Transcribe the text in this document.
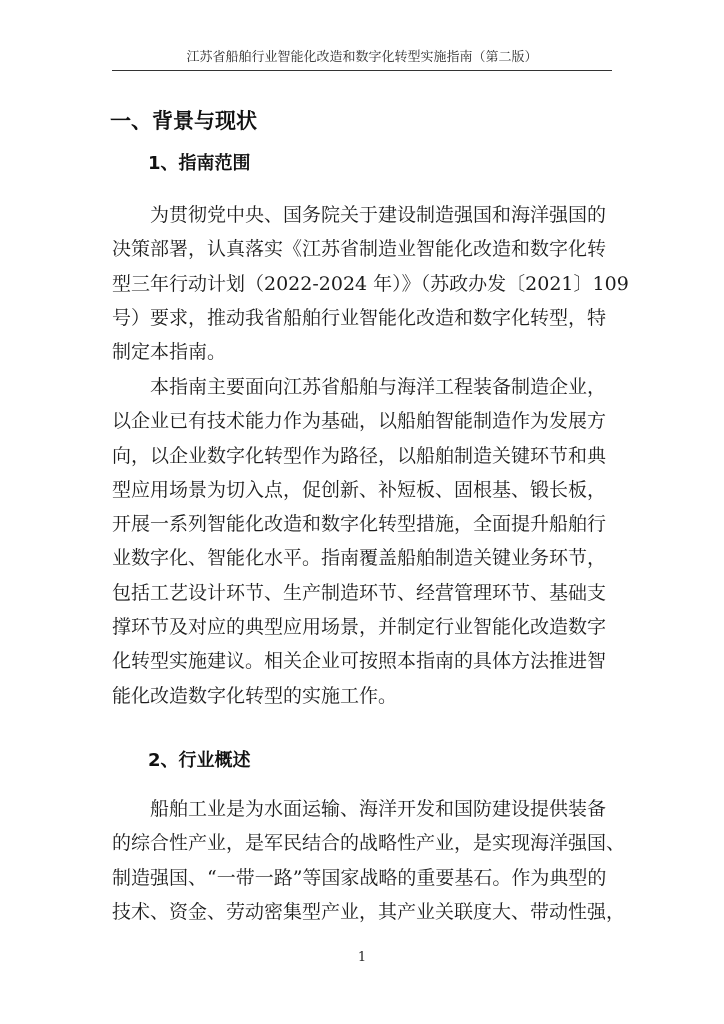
江苏省船舶行业智能化改造和数字化转型实施指南（第二版）
一、背景与现状
1、指南范围
为贯彻党中央、国务院关于建设制造强国和海洋强国的
决策部署，认真落实《江苏省制造业智能化改造和数字化转
型三年行动计划（2022-2024 年）》（苏政办发〔2021〕109
号）要求，推动我省船舶行业智能化改造和数字化转型，特
制定本指南。
本指南主要面向江苏省船舶与海洋工程装备制造企业，
以企业已有技术能力作为基础，以船舶智能制造作为发展方
向，以企业数字化转型作为路径，以船舶制造关键环节和典
型应用场景为切入点，促创新、补短板、固根基、锻长板，
开展一系列智能化改造和数字化转型措施，全面提升船舶行
业数字化、智能化水平。指南覆盖船舶制造关键业务环节，
包括工艺设计环节、生产制造环节、经营管理环节、基础支
撑环节及对应的典型应用场景，并制定行业智能化改造数字
化转型实施建议。相关企业可按照本指南的具体方法推进智
能化改造数字化转型的实施工作。
2、行业概述
船舶工业是为水面运输、海洋开发和国防建设提供装备
的综合性产业，是军民结合的战略性产业，是实现海洋强国、
制造强国、“一带一路”等国家战略的重要基石。作为典型的
技术、资金、劳动密集型产业，其产业关联度大、带动性强，
1
